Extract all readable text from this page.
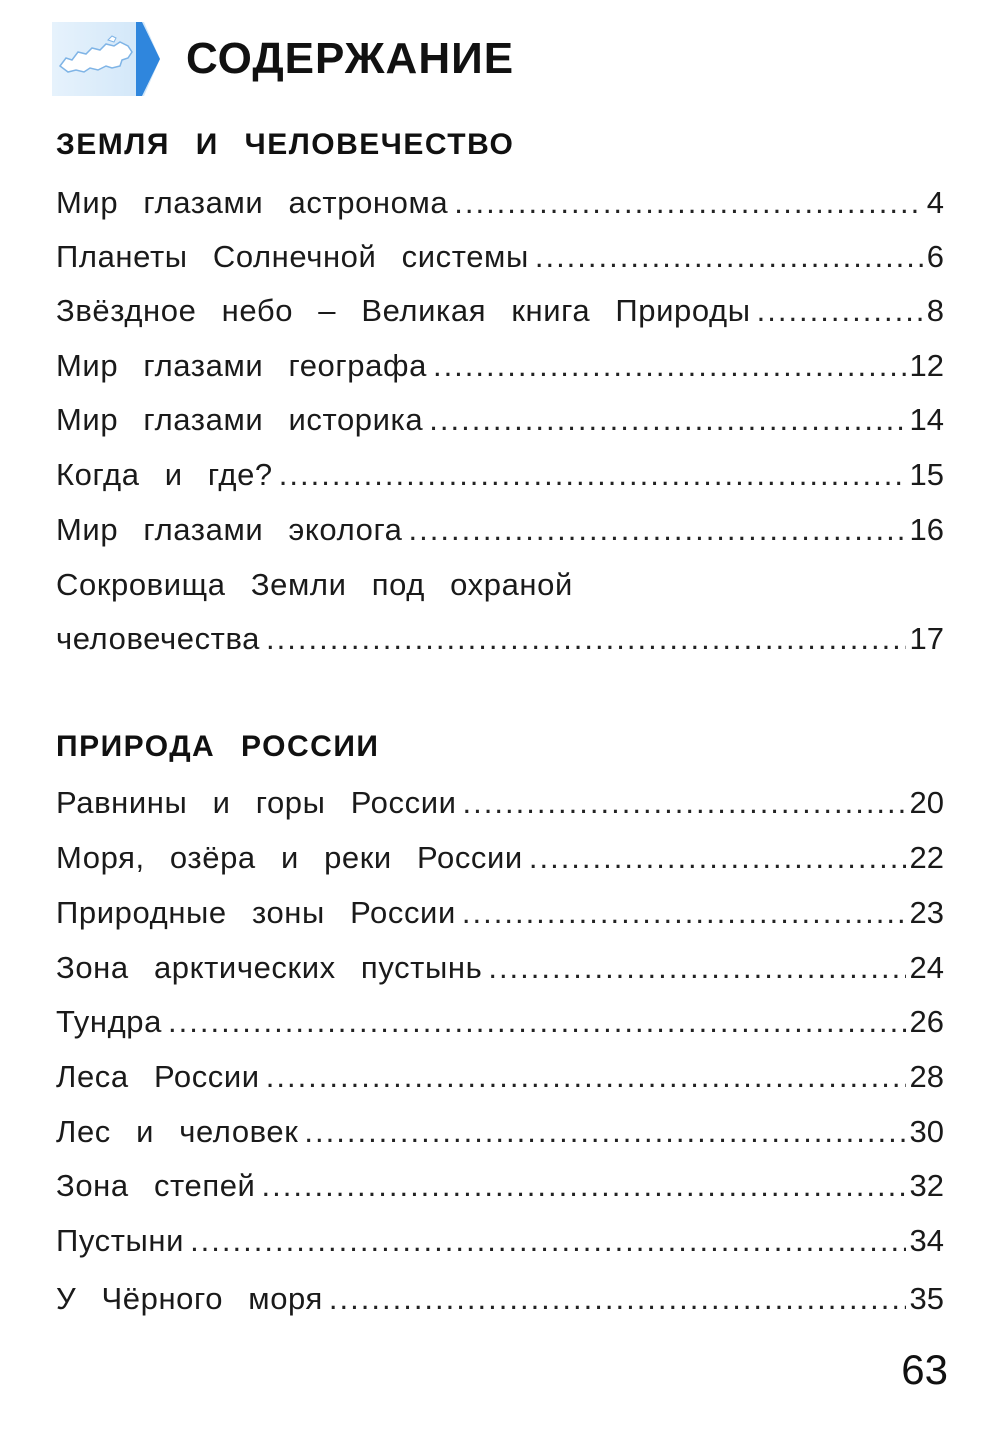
СОДЕРЖАНИЕ
ЗЕМЛЯ И ЧЕЛОВЕЧЕСТВО
Мир глазами астронома .....	4
Планеты Солнечной системы .....	6
Звёздное небо – Великая книга Природы .....	8
Мир глазами географа .....	12
Мир глазами историка .....	14
Когда и где? .....	15
Мир глазами эколога .....	16
Сокровища Земли под охраной
человечества .....	17
ПРИРОДА РОССИИ
Равнины и горы России .....	20
Моря, озёра и реки России .....	22
Природные зоны России .....	23
Зона арктических пустынь .....	24
Тундра .....	26
Леса России .....	28
Лес и человек .....	30
Зона степей .....	32
Пустыни .....	34
У Чёрного моря .....	35
63
